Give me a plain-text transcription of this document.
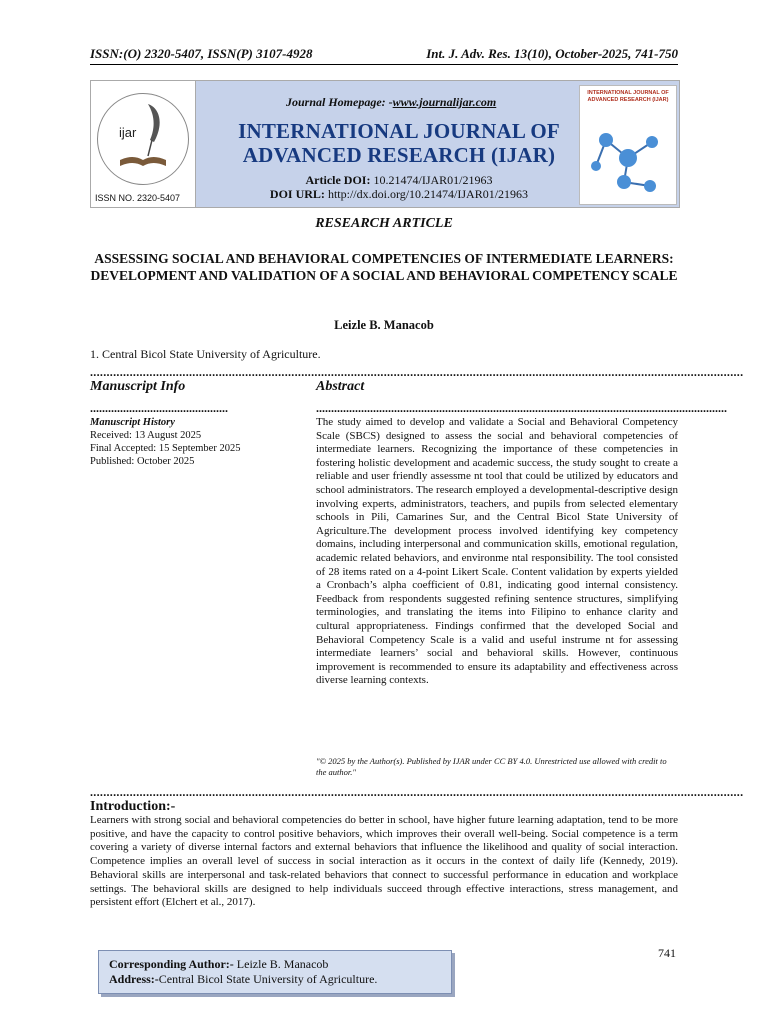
ISSN:(O) 2320-5407, ISSN(P) 3107-4928	Int. J. Adv. Res. 13(10), October-2025, 741-750
ijar
ISSN NO. 2320-5407
Journal Homepage: -www.journalijar.com
INTERNATIONAL JOURNAL OF
ADVANCED RESEARCH (IJAR)
Article DOI: 10.21474/IJAR01/21963
DOI URL: http://dx.doi.org/10.21474/IJAR01/21963
INTERNATIONAL JOURNAL OF ADVANCED RESEARCH (IJAR)
RESEARCH ARTICLE
ASSESSING SOCIAL AND BEHAVIORAL COMPETENCIES OF INTERMEDIATE LEARNERS: DEVELOPMENT AND VALIDATION OF A SOCIAL AND BEHAVIORAL COMPETENCY SCALE
Leizle B. Manacob
1. Central Bicol State University of Agriculture.
......................................................................................................................................................................................................
Manuscript Info	Abstract
..............................................	.........................................................................................................................................
Manuscript History
Received: 13 August 2025
Final Accepted: 15 September 2025
Published: October 2025
The study aimed to develop and validate a Social and Behavioral Competency Scale (SBCS) designed to assess the social and behavioral competencies of intermediate learners. Recognizing the importance of these competencies in fostering holistic development and academic success, the study sought to create a reliable and user friendly assessme nt tool that could be utilized by educators and school administrators. The research employed a developmental-descriptive design involving experts, administrators, teachers, and pupils from selected elementary schools in Pili, Camarines Sur, and the Central Bicol State University of Agriculture.The development process involved identifying key competency domains, including interpersonal and communication skills, emotional regulation, academic related behaviors, and environme ntal responsibility. The tool consisted of 28 items rated on a 4-point Likert Scale. Content validation by experts yielded a Cronbach’s alpha coefficient of 0.81, indicating good internal consistency. Feedback from respondents suggested refining sentence structures, simplifying terminologies, and translating the items into Filipino to enhance clarity and cultural appropriateness. Findings confirmed that the developed Social and Behavioral Competency Scale is a valid and useful instrume nt for assessing intermediate learners’ social and behavioral skills. However, continuous improvement is recommended to ensure its adaptability and effectiveness across diverse learning contexts.
"© 2025 by the Author(s). Published by IJAR under CC BY 4.0. Unrestricted use allowed with credit to the author."
......................................................................................................................................................................................................
Introduction:-
Learners with strong social and behavioral competencies do better in school, have higher future learning adaptation, tend to be more positive, and have the capacity to control positive behaviors, which improves their overall well-being. Social competence is a term covering a variety of diverse internal factors and external behaviors that influence the likelihood and quality of social interaction. Competence implies an overall level of success in social interaction as it occurs in the context of daily life (Kennedy, 2019). Behavioral skills are interpersonal and task-related behaviors that connect to successful performance in education and workplace settings. The behavioral skills are designed to help individuals succeed through effective interactions, stress management, and persistent effort (Elchert et al., 2017).
Corresponding Author:- Leizle B. Manacob
Address:-Central Bicol State University of Agriculture.
741
